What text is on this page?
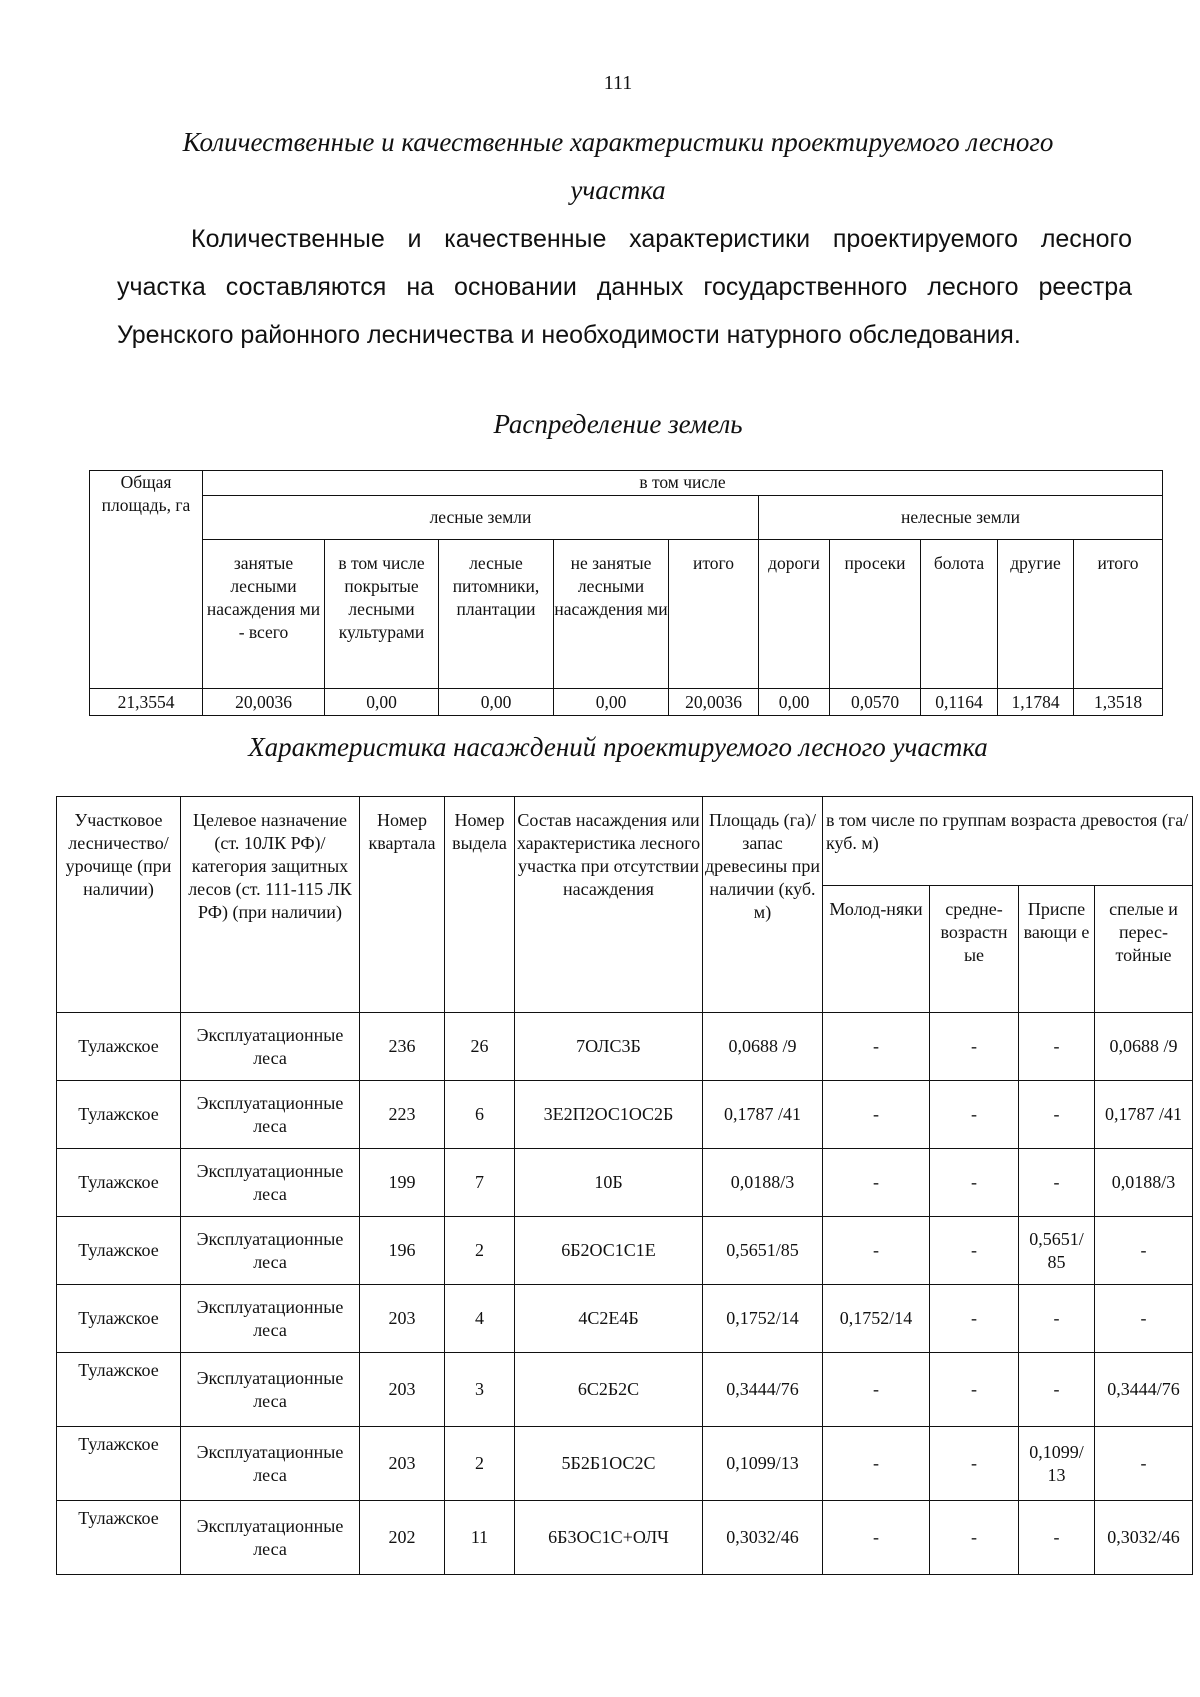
111
Количественные и качественные характеристики проектируемого лесного
участка

Количественные и качественные характеристики проектируемого лесного участка составляются на основании данных государственного лесного реестра Уренского районного лесничества и необходимости натурного обследования.

Распределение земель
Общая площадь, га	в том числе									
	лесные земли					нелесные земли				
	занятые лесными насаждения ми - всего	в том числе покрытые лесными культурами	лесные питомники, плантации	не занятые лесными насаждения ми	итого	дороги	просеки	болота	другие	итого
21,3554	20,0036	0,00	0,00	0,00	20,0036	0,00	0,0570	0,1164	1,1784	1,3518
Характеристика насаждений проектируемого лесного участка
Участковое лесничество/ урочище (при наличии)	Целевое назначение (ст. 10ЛК РФ)/ категория защитных лесов (ст. 111-115 ЛК РФ) (при наличии)	Номер квартала	Номер выдела	Состав насаждения или характеристика лесного участка при отсутствии насаждения	Площадь (га)/ запас древесины при наличии (куб. м)	в том числе по группам возраста древостоя (га/куб. м)			
						Молод-няки	средне-возрастн ые	Приспе вающи е	спелые и перес-тойные
Тулажское	Эксплуатационные леса	236	26	7ОЛС3Б	0,0688 /9	-	-	-	0,0688 /9
Тулажское	Эксплуатационные леса	223	6	3Е2П2ОС1ОС2Б	0,1787 /41	-	-	-	0,1787 /41
Тулажское	Эксплуатационные леса	199	7	10Б	0,0188/3	-	-	-	0,0188/3
Тулажское	Эксплуатационные леса	196	2	6Б2ОС1С1Е	0,5651/85	-	-	0,5651/ 85	-
Тулажское	Эксплуатационные леса	203	4	4С2Е4Б	0,1752/14	0,1752/14	-	-	-
Тулажское	Эксплуатационные леса	203	3	6С2Б2С	0,3444/76	-	-	-	0,3444/76
Тулажское	Эксплуатационные леса	203	2	5Б2Б1ОС2С	0,1099/13	-	-	0,1099/ 13	-
Тулажское	Эксплуатационные леса	202	11	6Б3ОС1С+ОЛЧ	0,3032/46	-	-	-	0,3032/46
